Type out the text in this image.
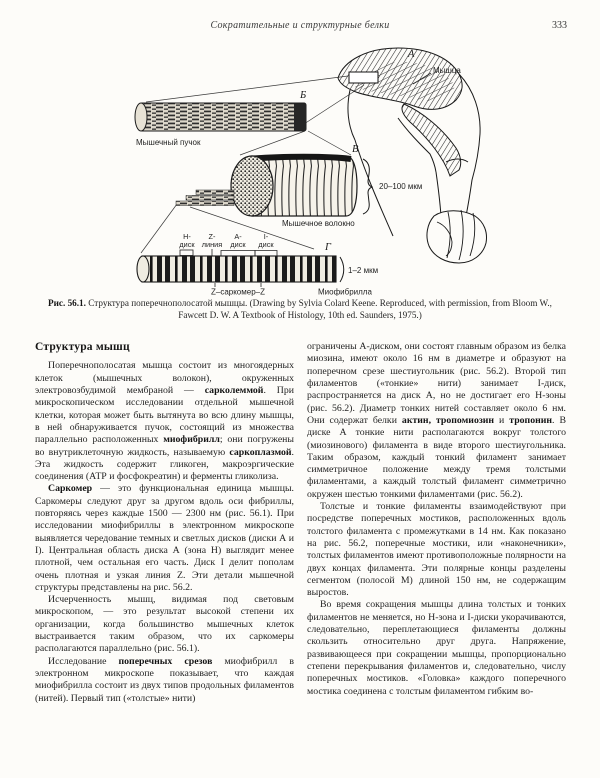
Сократительные и структурные белки	333
А
Мышца
Б
Мышечный пучок
В
20–100 мкм
Мышечное волокно
Н-
диск
Z-
линия
А-
диск
I-
диск	Г
1–2 мкм
Z–саркомер–Z	Миофибрилла

Рис. 56.1. Структура поперечнополосатой мышцы. (Drawing by Sylvia Colard Keene. Reproduced, with permission, from Bloom W., Fawcett D. W. A Textbook of Histology, 10th ed. Saunders, 1975.)

Структура мышц

Поперечнополосатая мышца состоит из многоядерных клеток (мышечных волокон), окруженных электровозбудимой мембраной — сарколеммой. При микроскопическом исследовании отдельной мышечной клетки, которая может быть вытянута во всю длину мышцы, в ней обнаруживается пучок, состоящий из множества параллельно расположенных миофибрилл; они погружены во внутриклеточную жидкость, называемую саркоплазмой. Эта жидкость содержит гликоген, макроэргические соединения (АТР и фосфокреатин) и ферменты гликолиза.

Саркомер — это функциональная единица мышцы. Саркомеры следуют друг за другом вдоль оси фибриллы, повторяясь через каждые 1500 — 2300 нм (рис. 56.1). При исследовании миофибриллы в электронном микроскопе выявляется чередование темных и светлых дисков (диски А и I). Центральная область диска А (зона Н) выглядит менее плотной, чем остальная его часть. Диск I делит пополам очень плотная и узкая линия Z. Эти детали мышечной структуры представлены на рис. 56.2.

Исчерченность мышц, видимая под световым микроскопом, — это результат высокой степени их организации, когда большинство мышечных клеток выстраивается таким образом, что их саркомеры располагаются параллельно (рис. 56.1).

Исследование поперечных срезов миофибрилл в электронном микроскопе показывает, что каждая миофибрилла состоит из двух типов продольных филаментов (нитей). Первый тип («толстые» нити)

ограничены А-диском, они состоят главным образом из белка миозина, имеют около 16 нм в диаметре и образуют на поперечном срезе шестиугольник (рис. 56.2). Второй тип филаментов («тонкие» нити) занимает I-диск, распространяется на диск А, но не достигает его Н-зоны (рис. 56.2). Диаметр тонких нитей составляет около 6 нм. Они содержат белки актин, тропомиозин и тропонин. В диске А тонкие нити располагаются вокруг толстого (миозинового) филамента в виде второго шестиугольника. Таким образом, каждый тонкий филамент занимает симметричное положение между тремя толстыми филаментами, а каждый толстый филамент симметрично окружен шестью тонкими филаментами (рис. 56.2).

Толстые и тонкие филаменты взаимодействуют при посредстве поперечных мостиков, расположенных вдоль толстого филамента с промежутками в 14 нм. Как показано на рис. 56.2, поперечные мостики, или «наконечники», толстых филаментов имеют противоположные полярности на двух концах филамента. Эти полярные концы разделены сегментом (полосой М) длиной 150 нм, не содержащим выростов.

Во время сокращения мышцы длина толстых и тонких филаментов не меняется, но Н-зона и I-диски укорачиваются, следовательно, переплетающиеся филаменты должны скользить относительно друг друга. Напряжение, развивающееся при сокращении мышцы, пропорционально степени перекрывания филаментов и, следовательно, числу поперечных мостиков. «Головка» каждого поперечного мостика соединена с толстым филаментом гибким во-
